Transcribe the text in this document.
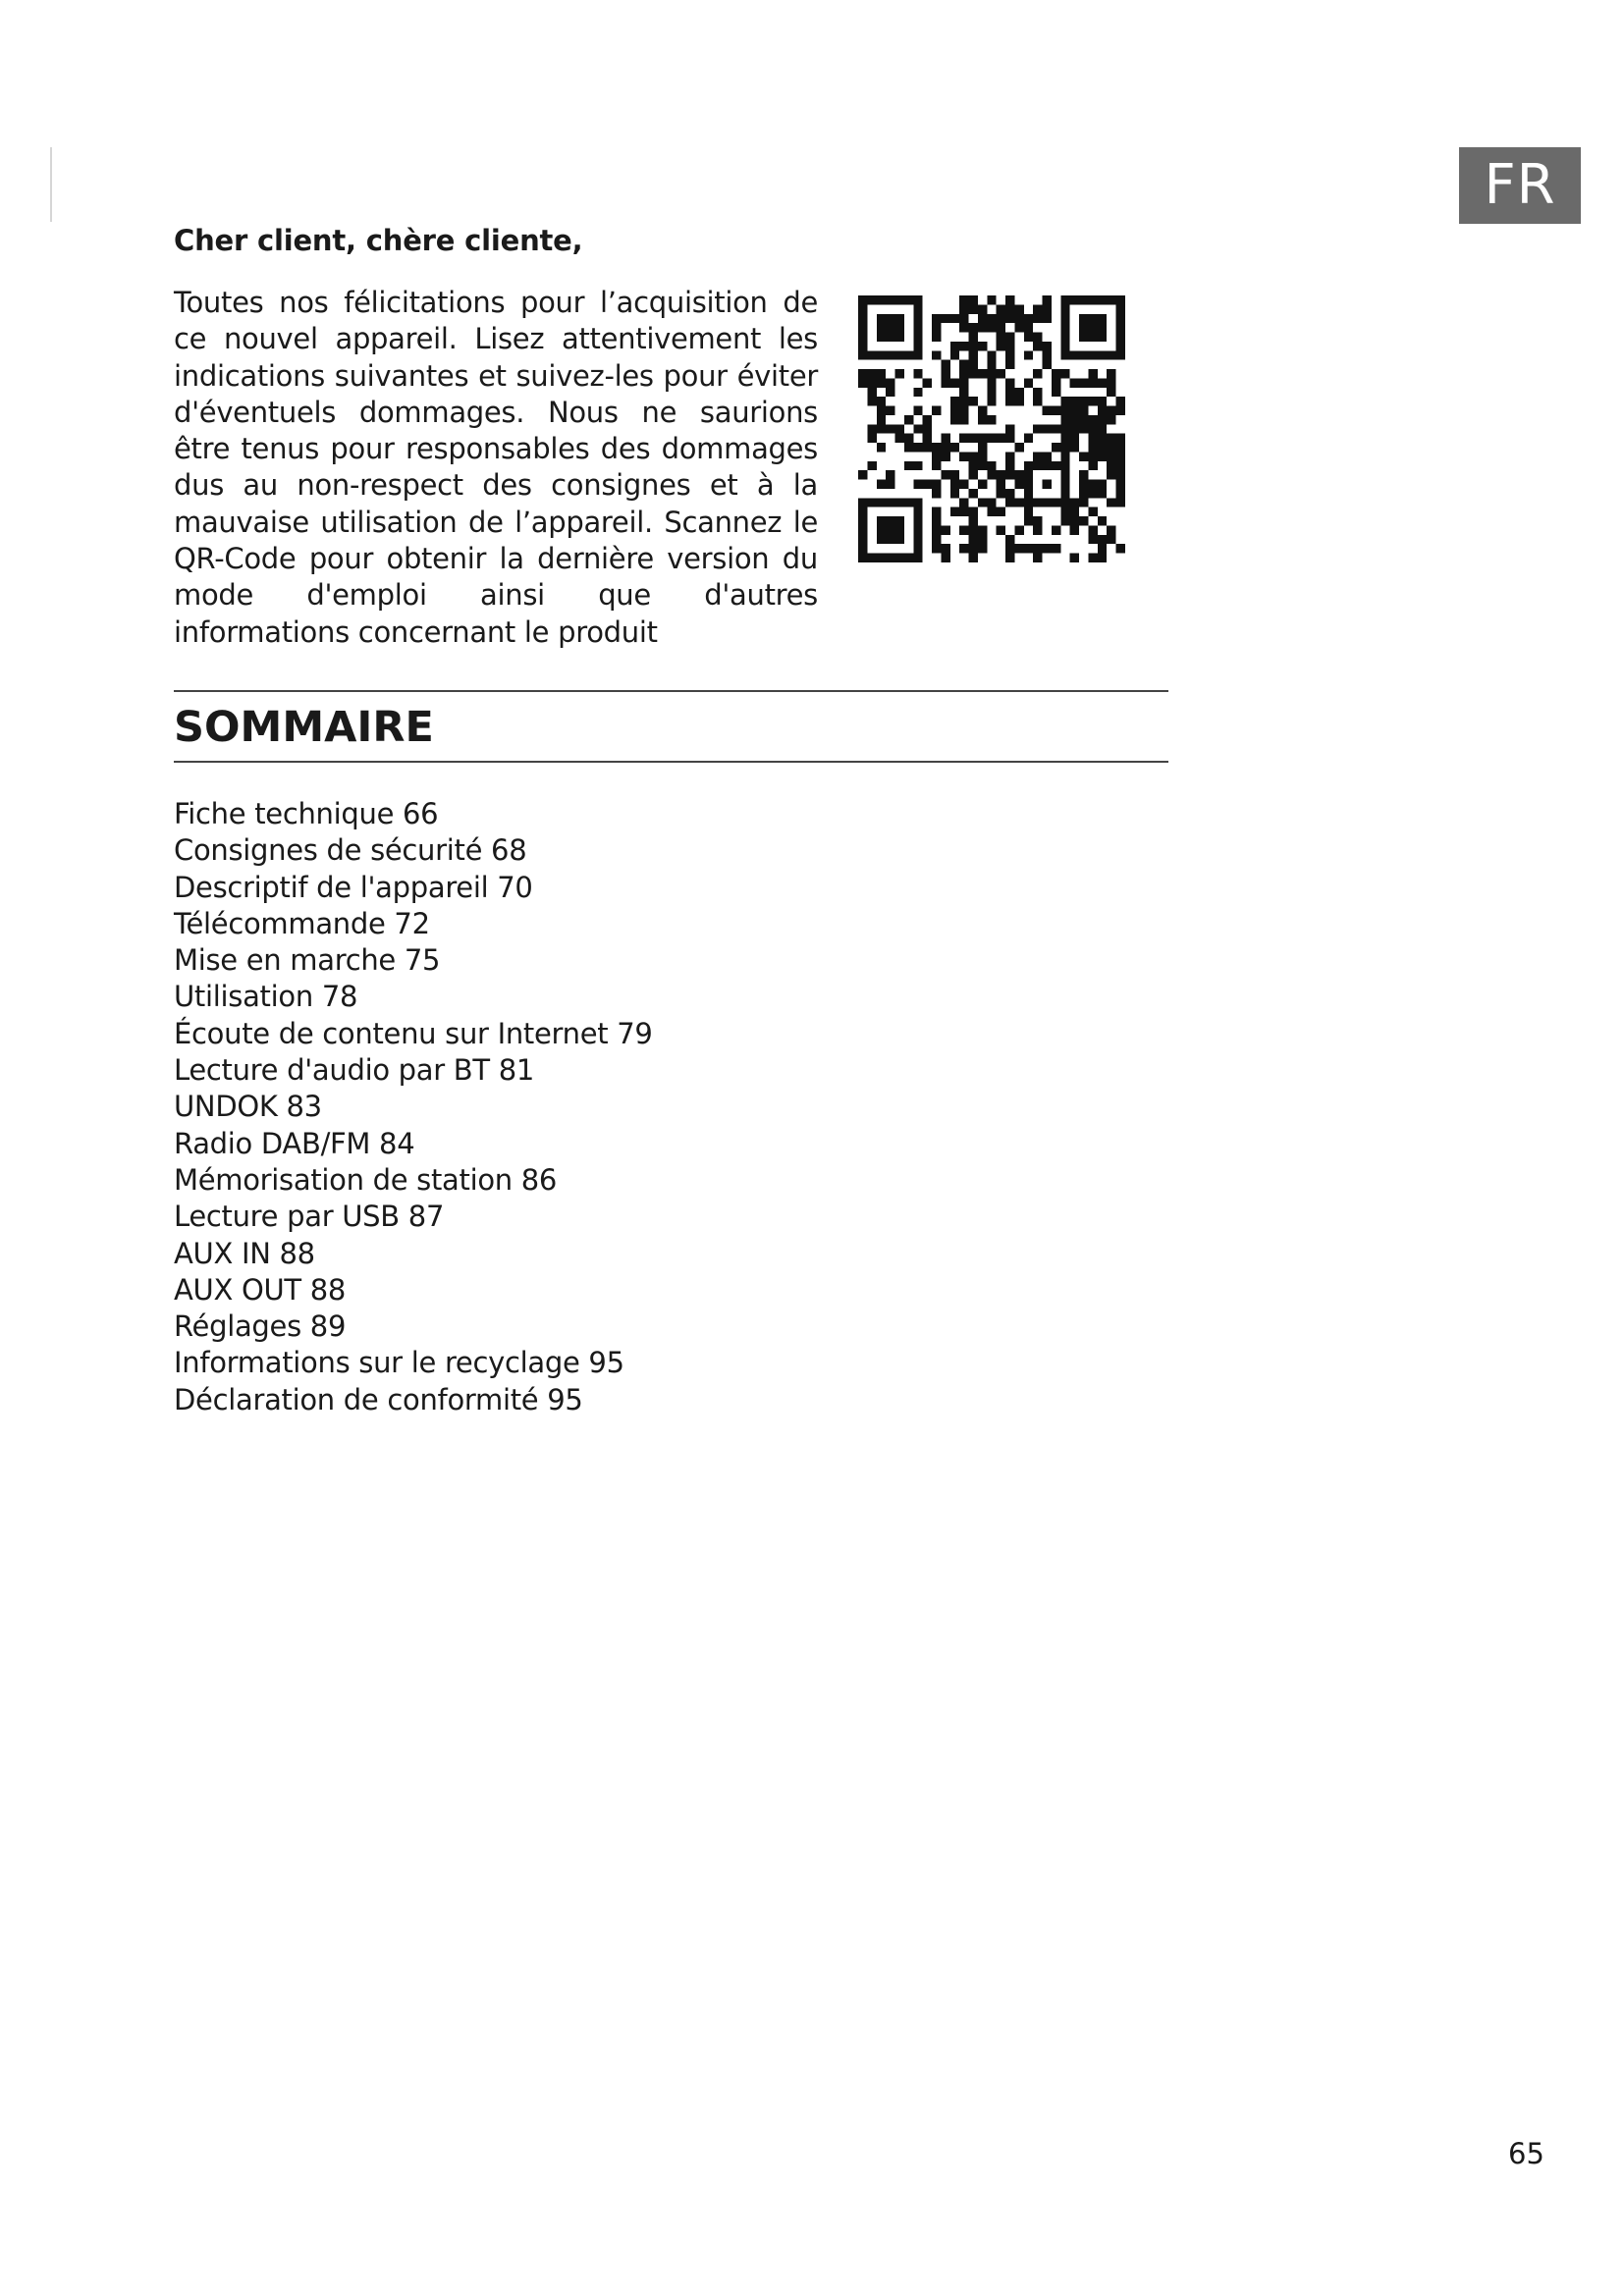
FR
Cher client, chère cliente,

Toutes nos félicitations pour l’acquisition de ce nouvel appareil. Lisez attentivement les indications suivantes et suivez-les pour éviter d'éventuels dommages. Nous ne saurions être tenus pour responsables des dommages dus au non-respect des consignes et à la mauvaise utilisation de l’appareil. Scannez le QR-Code pour obtenir la dernière version du mode d'emploi ainsi que d'autres informations concernant le produit

SOMMAIRE
Fiche technique 66
Consignes de sécurité 68
Descriptif de l'appareil 70
Télécommande 72
Mise en marche 75
Utilisation 78
Écoute de contenu sur Internet 79
Lecture d'audio par BT 81
UNDOK 83
Radio DAB/FM 84
Mémorisation de station 86
Lecture par USB 87
AUX IN 88
AUX OUT 88
Réglages 89
Informations sur le recyclage 95
Déclaration de conformité 95
65
